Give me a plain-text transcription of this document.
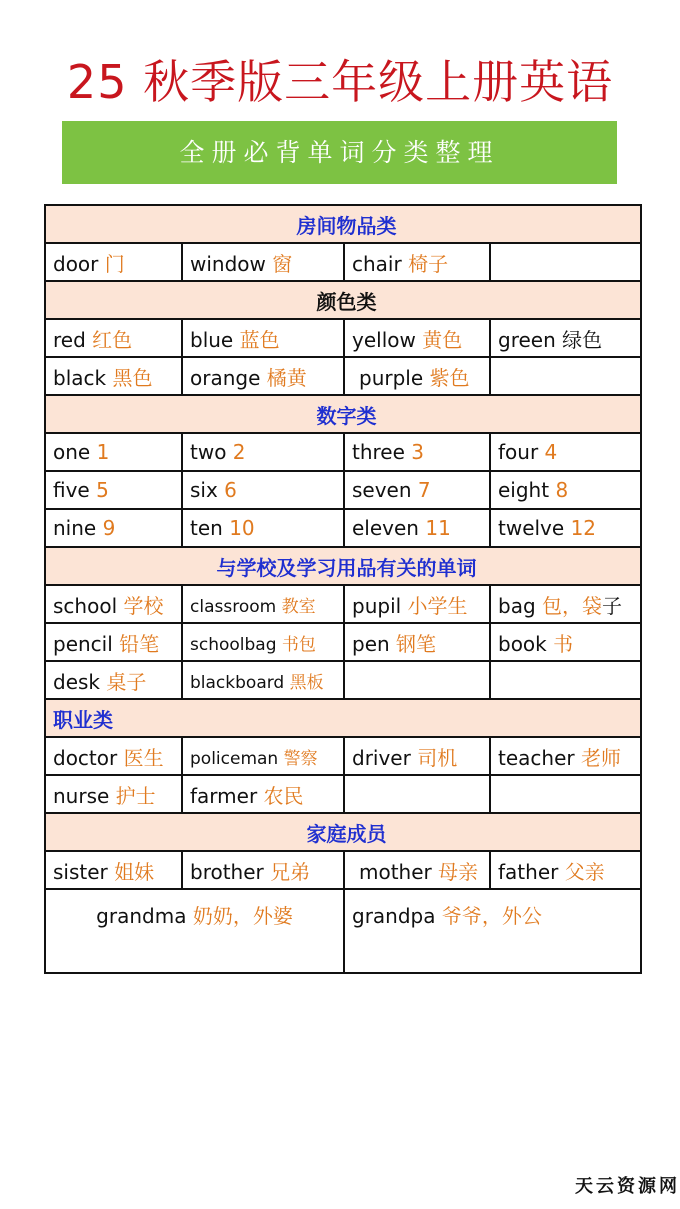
25 秋季版三年级上册英语
全册必背单词分类整理
房间物品类			
door 门	window 窗	chair 椅子	
颜色类			
red 红色	blue 蓝色	yellow 黄色	green 绿色
black 黑色	orange 橘黄	purple 紫色	
数字类			
one 1	two 2	three 3	four 4
five 5	six 6	seven 7	eight 8
nine 9	ten 10	eleven 11	twelve 12
与学校及学习用品有关的单词			
school 学校	classroom 教室	pupil 小学生	bag 包，袋子
pencil 铅笔	schoolbag 书包	pen 钢笔	book 书
desk 桌子	blackboard 黑板		
职业类			
doctor 医生	policeman 警察	driver 司机	teacher 老师
nurse 护士	farmer 农民		
家庭成员			
sister 姐妹	brother 兄弟	mother 母亲	father 父亲
grandma 奶奶，外婆		grandpa 爷爷，外公	
天云资源网
